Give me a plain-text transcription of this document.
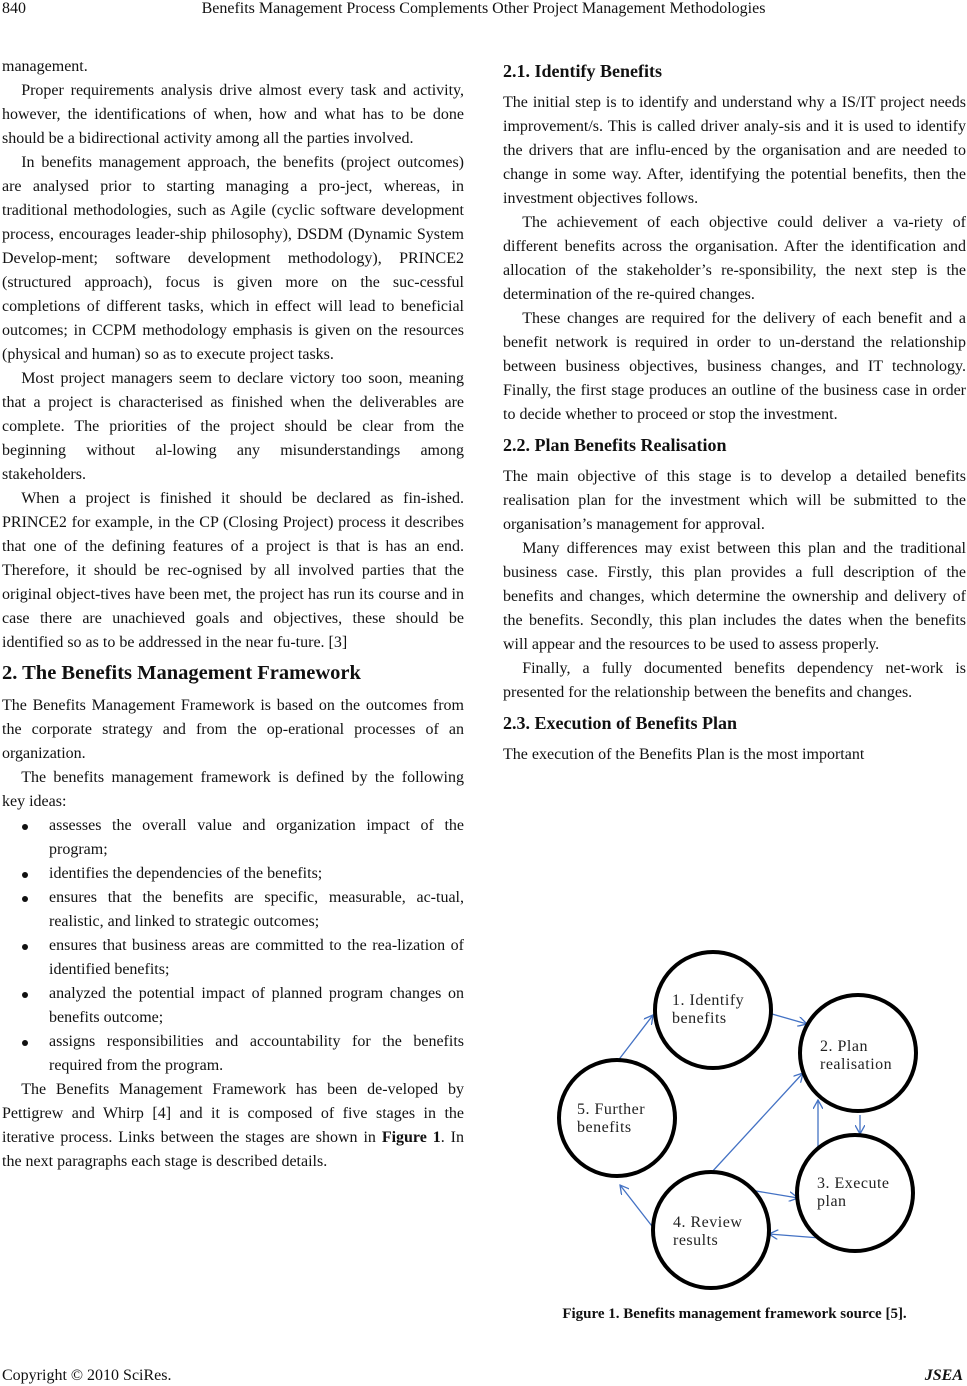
840	Benefits Management Process Complements Other Project Management Methodologies

management.

Proper requirements analysis drive almost every task and activity, however, the identifications of when, how and what has to be done should be a bidirectional activity among all the parties involved.

In benefits management approach, the benefits (project outcomes) are analysed prior to starting managing a pro-ject, whereas, in traditional methodologies, such as Agile (cyclic software development process, encourages leader-ship philosophy), DSDM (Dynamic System Develop-ment; software development methodology), PRINCE2 (structured approach), focus is given more on the suc-cessful completions of different tasks, which in effect will lead to beneficial outcomes; in CCPM methodology emphasis is given on the resources (physical and human) so as to execute project tasks.

Most project managers seem to declare victory too soon, meaning that a project is characterised as finished when the deliverables are complete. The priorities of the project should be clear from the beginning without al-lowing any misunderstandings among stakeholders.

When a project is finished it should be declared as fin-ished. PRINCE2 for example, in the CP (Closing Project) process it describes that one of the defining features of a project is that is has an end. Therefore, it should be rec-ognised by all involved parties that the original object-tives have been met, the project has run its course and in case there are unachieved goals and objectives, these should be identified so as to be addressed in the near fu-ture. [3]

2. The Benefits Management Framework

The Benefits Management Framework is based on the outcomes from the corporate strategy and from the op-erational processes of an organization.

The benefits management framework is defined by the following key ideas:

assesses the overall value and organization impact of the program;
identifies the dependencies of the benefits;
ensures that the benefits are specific, measurable, ac-tual, realistic, and linked to strategic outcomes;
ensures that business areas are committed to the rea-lization of identified benefits;
analyzed the potential impact of planned program changes on benefits outcome;
assigns responsibilities and accountability for the benefits required from the program.

The Benefits Management Framework has been de-veloped by Pettigrew and Whirp [4] and it is composed of five stages in the iterative process. Links between the stages are shown in Figure 1. In the next paragraphs each stage is described details.

2.1. Identify Benefits

The initial step is to identify and understand why a IS/IT project needs improvement/s. This is called driver analy-sis and it is used to identify the drivers that are influ-enced by the organisation and are needed to change in some way. After, identifying the potential benefits, then the investment objectives follows.

The achievement of each objective could deliver a va-riety of different benefits across the organisation. After the identification and allocation of the stakeholder’s re-sponsibility, the next step is the determination of the re-quired changes.

These changes are required for the delivery of each benefit and a benefit network is required in order to un-derstand the relationship between business objectives, business changes, and IT technology. Finally, the first stage produces an outline of the business case in order to decide whether to proceed or stop the investment.

2.2. Plan Benefits Realisation

The main objective of this stage is to develop a detailed benefits realisation plan for the investment which will be submitted to the organisation’s management for approval.

Many differences may exist between this plan and the traditional business case. Firstly, this plan provides a full description of the benefits and changes, which determine the ownership and delivery of the benefits. Secondly, this plan includes the dates when the benefits will appear and the resources to be used to assess properly.

Finally, a fully documented benefits dependency net-work is presented for the relationship between the benefits and changes.

2.3. Execution of Benefits Plan

The execution of the Benefits Plan is the most important

1. Identify
benefits
2. Plan
realisation
3. Execute
plan
4. Review
results
5. Further
benefits
Figure 1. Benefits management framework source [5].
Copyright © 2010 SciRes.	JSEA
